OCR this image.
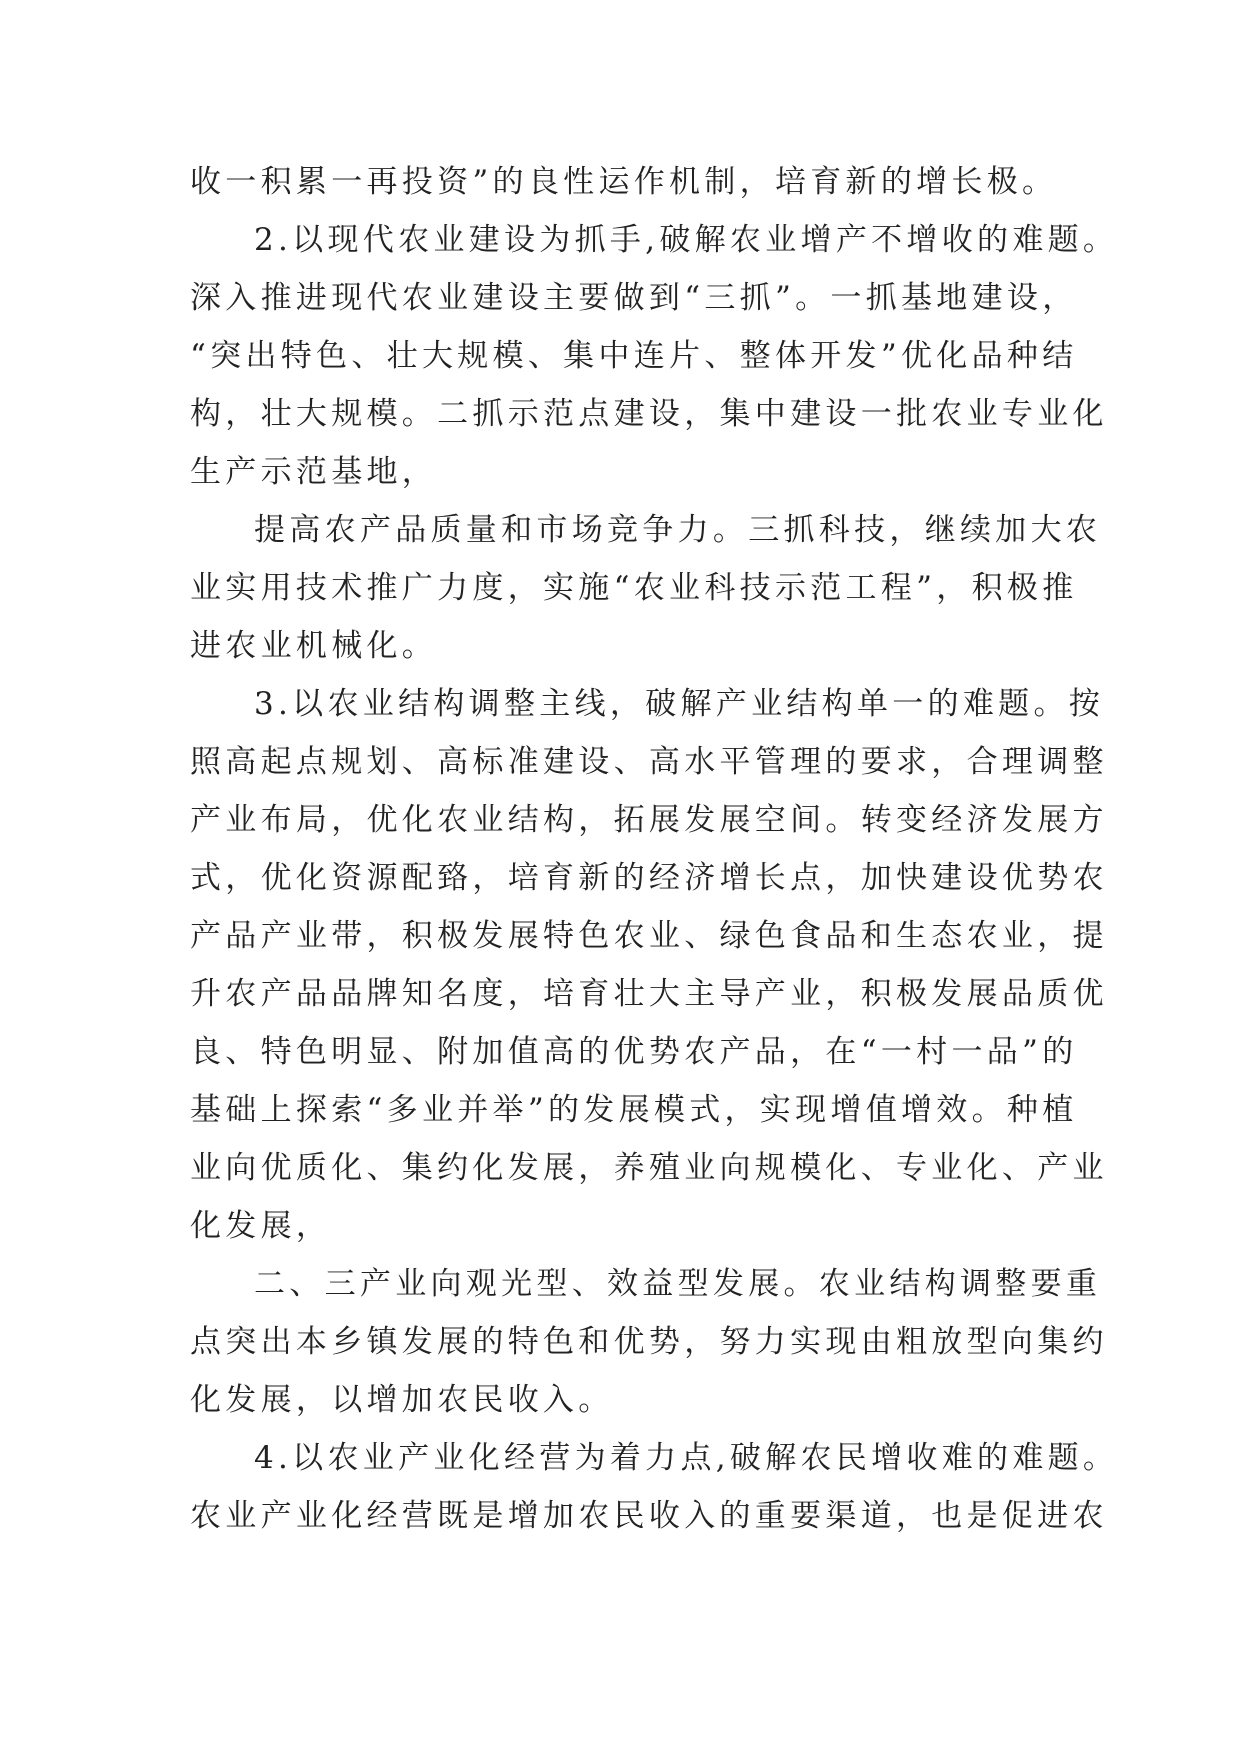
收一积累一再投资”的良性运作机制，培育新的增长极。
2.以现代农业建设为抓手,破解农业增产不增收的难题。
深入推进现代农业建设主要做到“三抓”。一抓基地建设，
“突出特色、壮大规模、集中连片、整体开发”优化品种结
构，壮大规模。二抓示范点建设，集中建设一批农业专业化
生产示范基地，
提高农产品质量和市场竞争力。三抓科技，继续加大农
业实用技术推广力度，实施“农业科技示范工程”，积极推
进农业机械化。
3.以农业结构调整主线，破解产业结构单一的难题。按
照高起点规划、高标准建设、高水平管理的要求，合理调整
产业布局，优化农业结构，拓展发展空间。转变经济发展方
式，优化资源配臵，培育新的经济增长点，加快建设优势农
产品产业带，积极发展特色农业、绿色食品和生态农业，提
升农产品品牌知名度，培育壮大主导产业，积极发展品质优
良、特色明显、附加值高的优势农产品，在“一村一品”的
基础上探索“多业并举”的发展模式，实现增值增效。种植
业向优质化、集约化发展，养殖业向规模化、专业化、产业
化发展，
二、三产业向观光型、效益型发展。农业结构调整要重
点突出本乡镇发展的特色和优势，努力实现由粗放型向集约
化发展，以增加农民收入。
4.以农业产业化经营为着力点,破解农民增收难的难题。
农业产业化经营既是增加农民收入的重要渠道，也是促进农
